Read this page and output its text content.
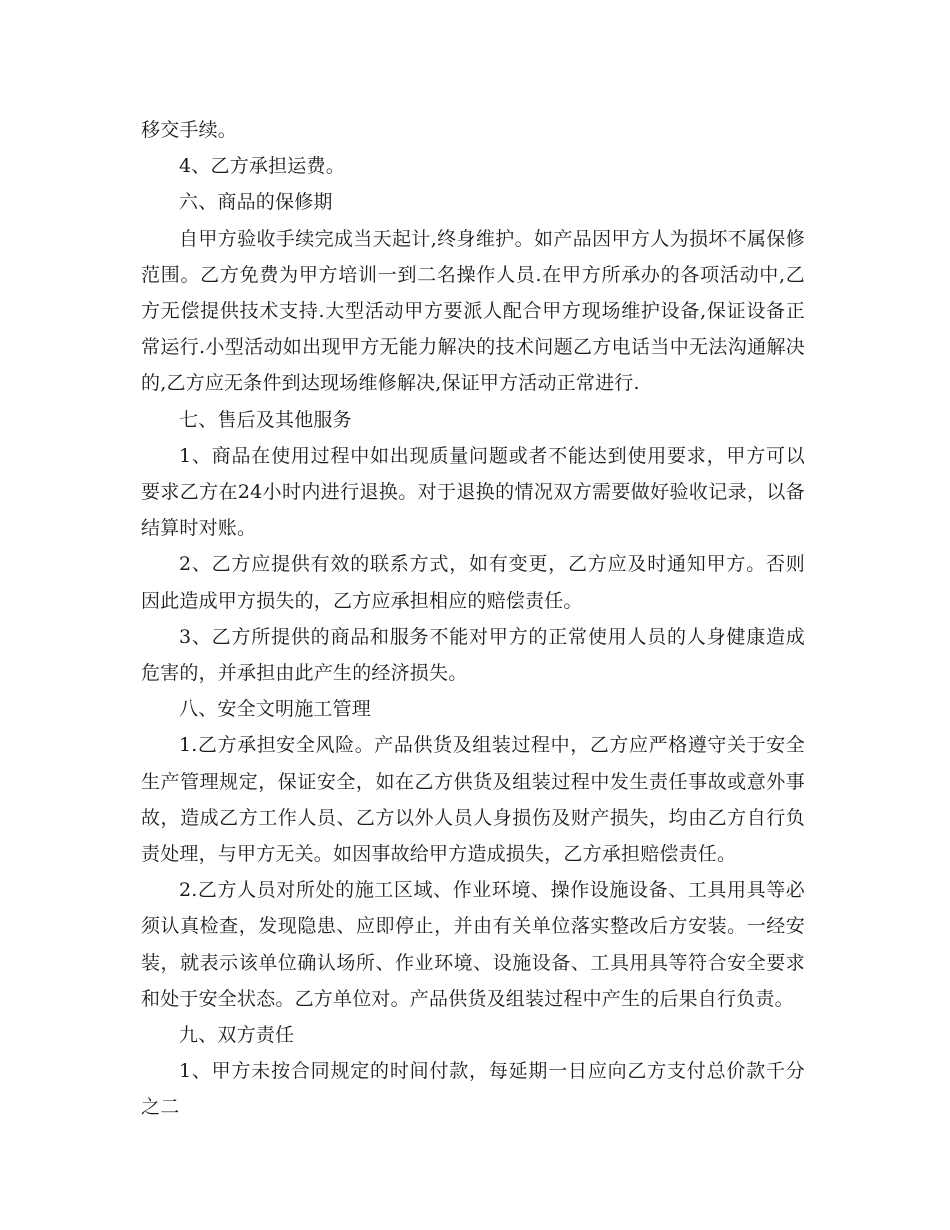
移交手续。

4、乙方承担运费。

六、商品的保修期

自甲方验收手续完成当天起计,终身维护。如产品因甲方人为损坏不属保修范围。乙方免费为甲方培训一到二名操作人员.在甲方所承办的各项活动中,乙方无偿提供技术支持.大型活动甲方要派人配合甲方现场维护设备,保证设备正常运行.小型活动如出现甲方无能力解决的技术问题乙方电话当中无法沟通解决的,乙方应无条件到达现场维修解决,保证甲方活动正常进行.

七、售后及其他服务

1、商品在使用过程中如出现质量问题或者不能达到使用要求，甲方可以要求乙方在24小时内进行退换。对于退换的情况双方需要做好验收记录，以备结算时对账。

2、乙方应提供有效的联系方式，如有变更，乙方应及时通知甲方。否则因此造成甲方损失的，乙方应承担相应的赔偿责任。

3、乙方所提供的商品和服务不能对甲方的正常使用人员的人身健康造成危害的，并承担由此产生的经济损失。

八、安全文明施工管理

1.乙方承担安全风险。产品供货及组装过程中，乙方应严格遵守关于安全生产管理规定，保证安全，如在乙方供货及组装过程中发生责任事故或意外事故，造成乙方工作人员、乙方以外人员人身损伤及财产损失，均由乙方自行负责处理，与甲方无关。如因事故给甲方造成损失，乙方承担赔偿责任。

2.乙方人员对所处的施工区域、作业环境、操作设施设备、工具用具等必须认真检查，发现隐患、应即停止，并由有关单位落实整改后方安装。一经安装，就表示该单位确认场所、作业环境、设施设备、工具用具等符合安全要求和处于安全状态。乙方单位对。产品供货及组装过程中产生的后果自行负责。

九、双方责任

1、甲方未按合同规定的时间付款，每延期一日应向乙方支付总价款千分之二
